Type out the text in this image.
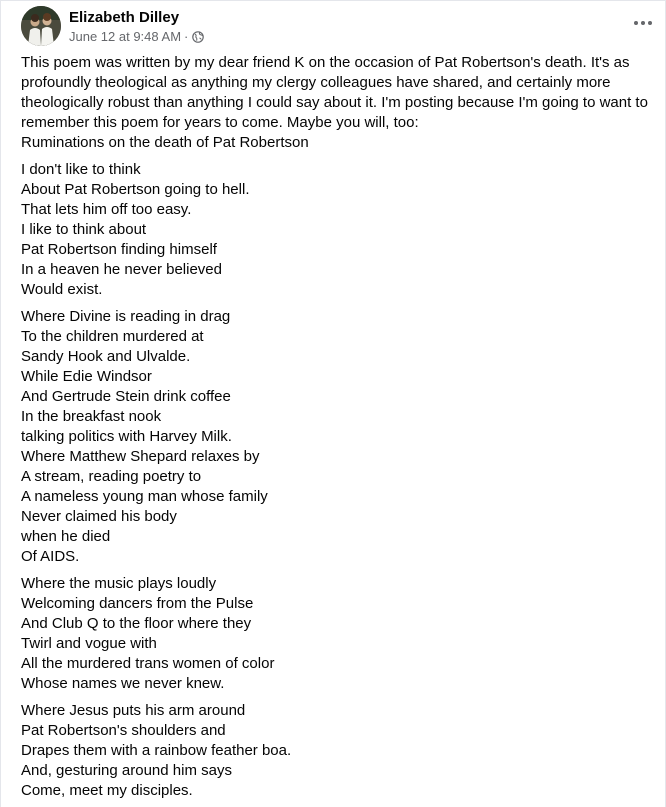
Elizabeth Dilley
June 12 at 9:48 AM ·

This poem was written by my dear friend K on the occasion of Pat Robertson's death. It's as profoundly theological as anything my clergy colleagues have shared, and certainly more theologically robust than anything I could say about it. I'm posting because I'm going to want to remember this poem for years to come. Maybe you will, too:

Ruminations on the death of Pat Robertson

I don't like to think
About Pat Robertson going to hell.
That lets him off too easy.
I like to think about
Pat Robertson finding himself
In a heaven he never believed
Would exist.
Where Divine is reading in drag
To the children murdered at
Sandy Hook and Ulvalde.
While Edie Windsor
And Gertrude Stein drink coffee
In the breakfast nook
talking politics with Harvey Milk.
Where Matthew Shepard relaxes by
A stream, reading poetry to
A nameless young man whose family
Never claimed his body
when he died
Of AIDS.
Where the music plays loudly
Welcoming dancers from the Pulse
And Club Q to the floor where they
Twirl and vogue with
All the murdered trans women of color
Whose names we never knew.
Where Jesus puts his arm around
Pat Robertson's shoulders and
Drapes them with a rainbow feather boa.
And, gesturing around him says
Come, meet my disciples.
